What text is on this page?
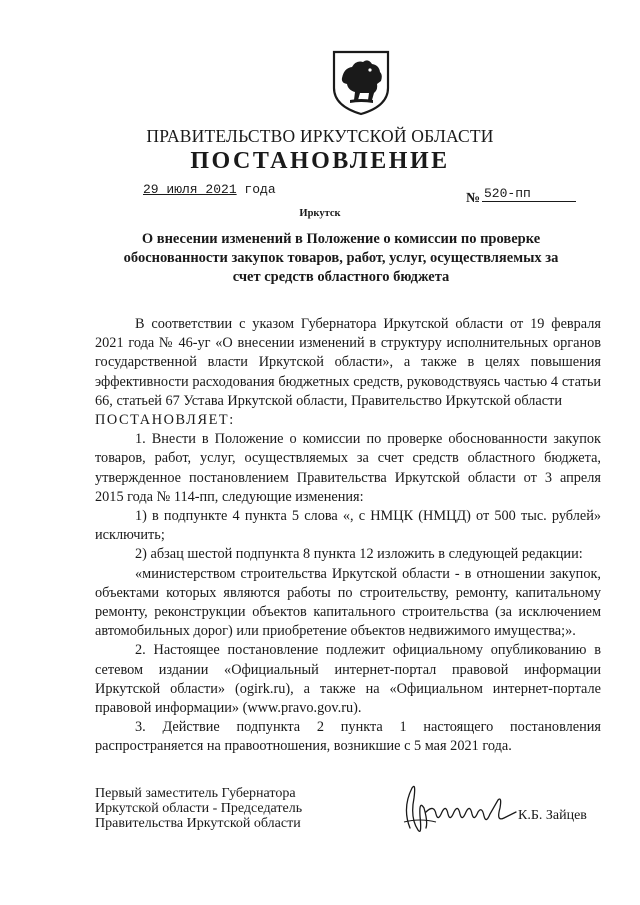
ПРАВИТЕЛЬСТВО ИРКУТСКОЙ ОБЛАСТИ
ПОСТАНОВЛЕНИЕ
29 июля 2021 года
№ 520-пп
Иркутск
О внесении изменений в Положение о комиссии по проверке обоснованности закупок товаров, работ, услуг, осуществляемых за счет средств областного бюджета

В соответствии с указом Губернатора Иркутской области от 19 февраля 2021 года № 46-уг «О внесении изменений в структуру исполнительных органов государственной власти Иркутской области», а также в целях повышения эффективности расходования бюджетных средств, руководствуясь частью 4 статьи 66, статьей 67 Устава Иркутской области, Правительство Иркутской области

ПОСТАНОВЛЯЕТ:

1. Внести в Положение о комиссии по проверке обоснованности закупок товаров, работ, услуг, осуществляемых за счет средств областного бюджета, утвержденное постановлением Правительства Иркутской области от 3 апреля 2015 года № 114-пп, следующие изменения:

1) в подпункте 4 пункта 5 слова «, с НМЦК (НМЦД) от 500 тыс. рублей» исключить;

2) абзац шестой подпункта 8 пункта 12 изложить в следующей редакции:

«министерством строительства Иркутской области - в отношении закупок, объектами которых являются работы по строительству, ремонту, капитальному ремонту, реконструкции объектов капитального строительства (за исключением автомобильных дорог) или приобретение объектов недвижимого имущества;».

2. Настоящее постановление подлежит официальному опубликованию в сетевом издании «Официальный интернет-портал правовой информации Иркутской области» (ogirk.ru), а также на «Официальном интернет-портале правовой информации» (www.pravo.gov.ru).

3. Действие подпункта 2 пункта 1 настоящего постановления распространяется на правоотношения, возникшие с 5 мая 2021 года.

Первый заместитель Губернатора
Иркутской области - Председатель
Правительства Иркутской области
К.Б. Зайцев
